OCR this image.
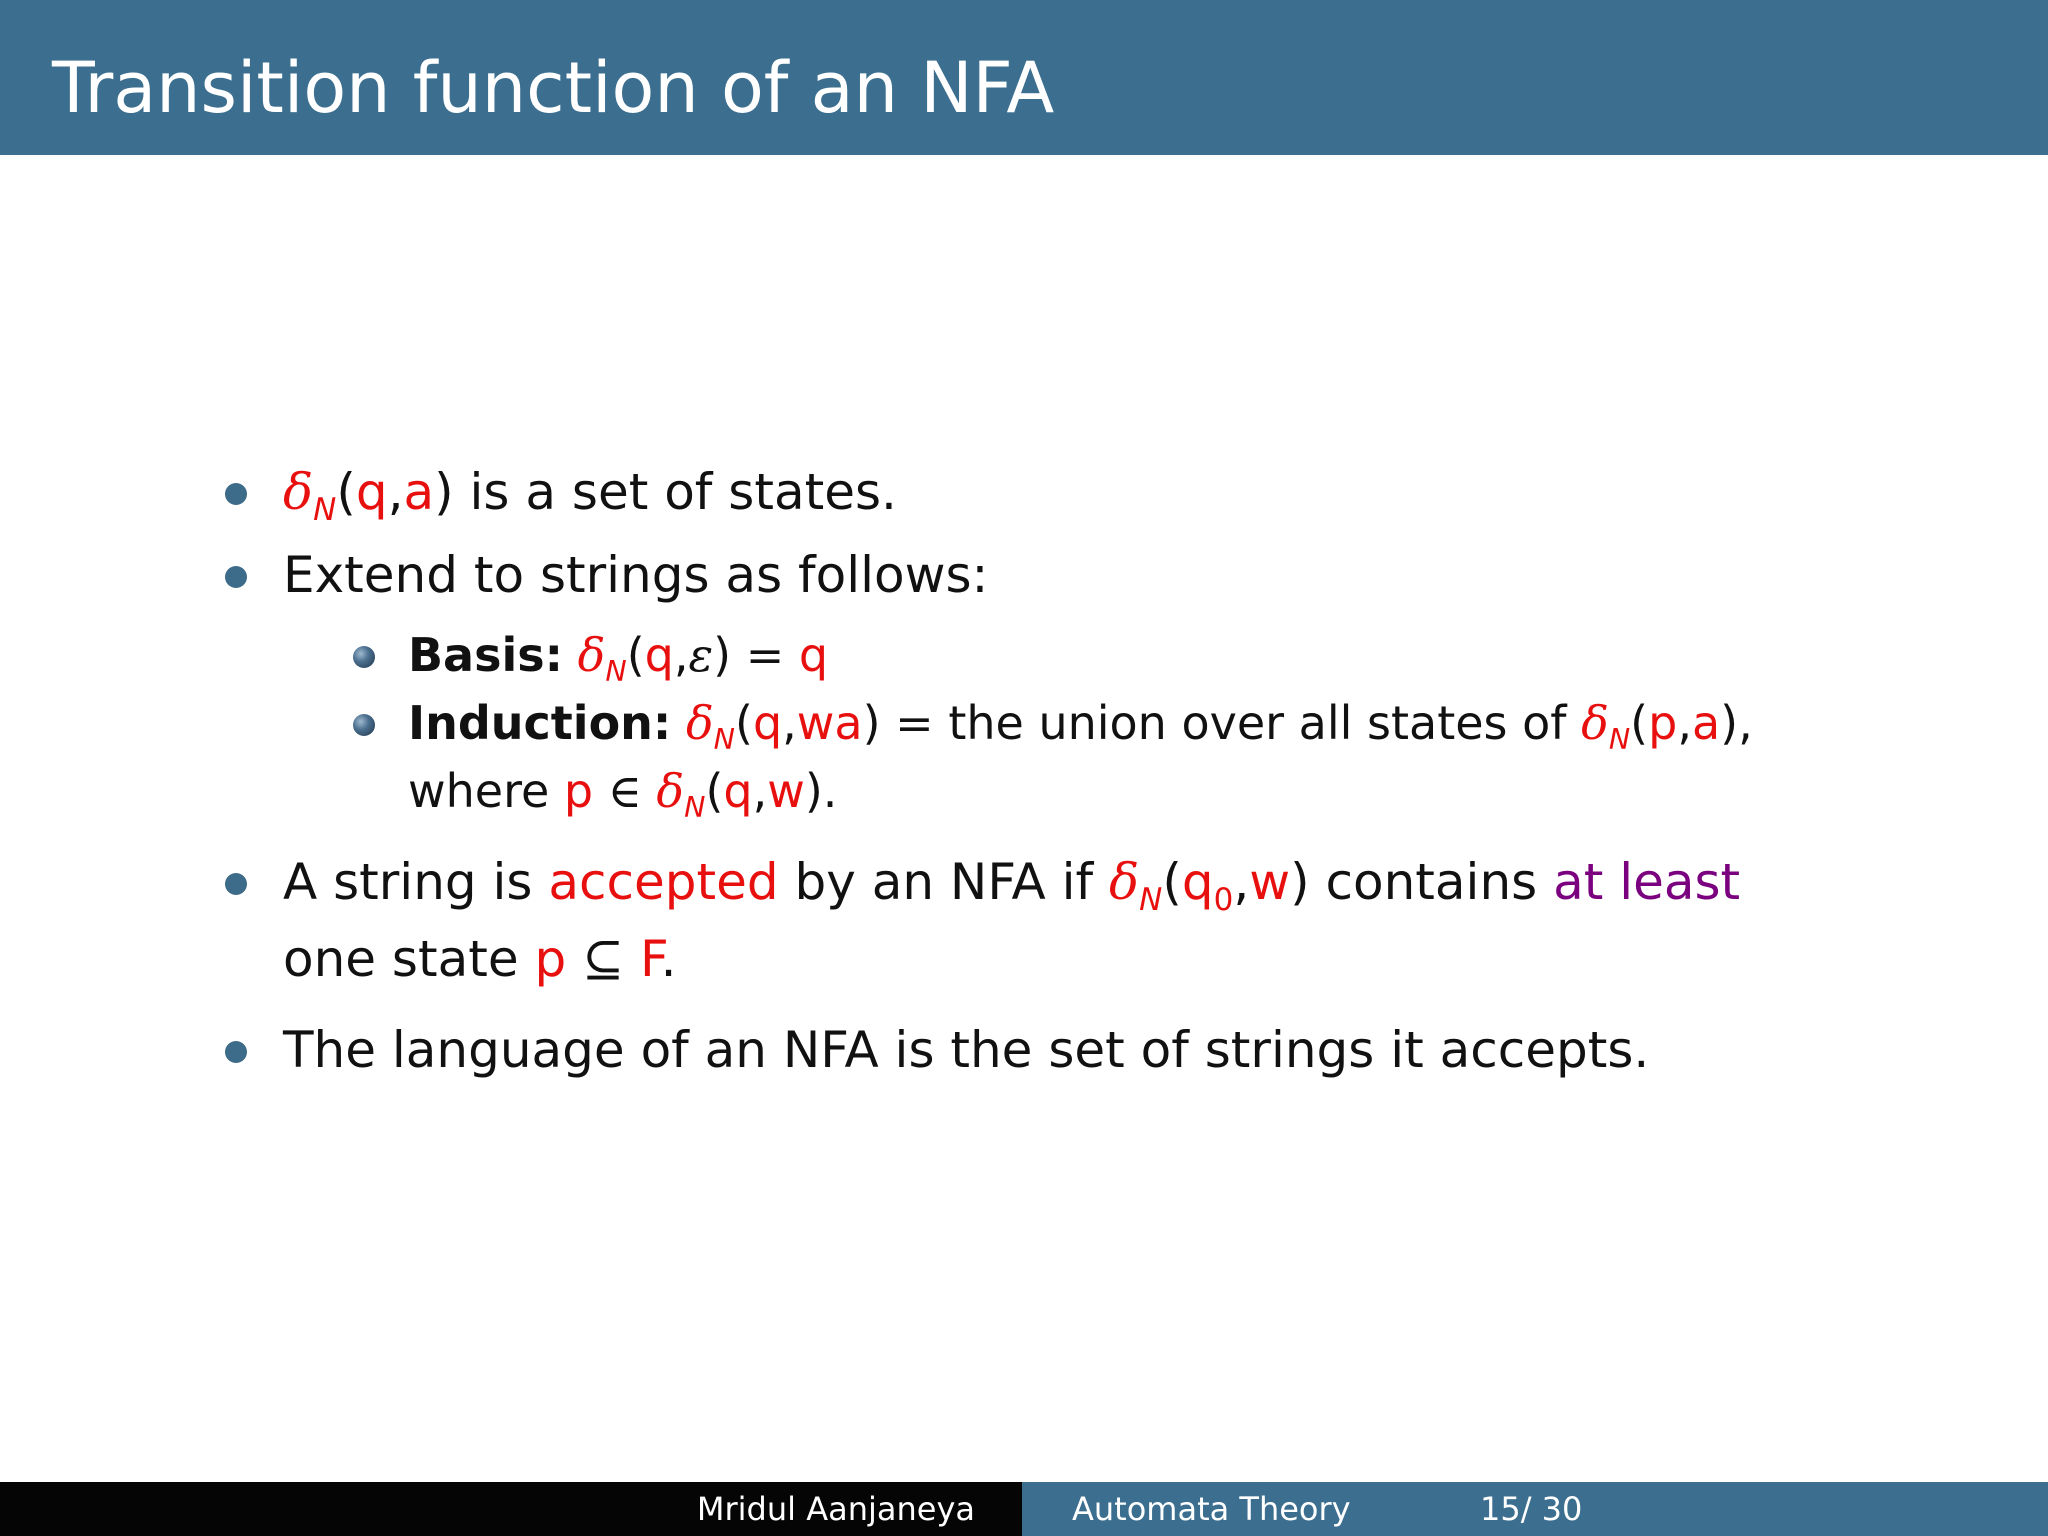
Transition function of an NFA
$\delta_N(q,a)$ is a set of states.
Extend to strings as follows:
Basis: $\delta_N(q,\varepsilon) = q$
Induction: $\delta_N(q,wa)$ = the union over all states of $\delta_N(p,a)$,
where p ∈ $\delta_N(q,w)$.
A string is accepted by an NFA if $\delta_N(q_0,w)$ contains at least
one state p ⊆ F.
The language of an NFA is the set of strings it accepts.
Mridul Aanjaneya	Automata Theory	15/ 30
